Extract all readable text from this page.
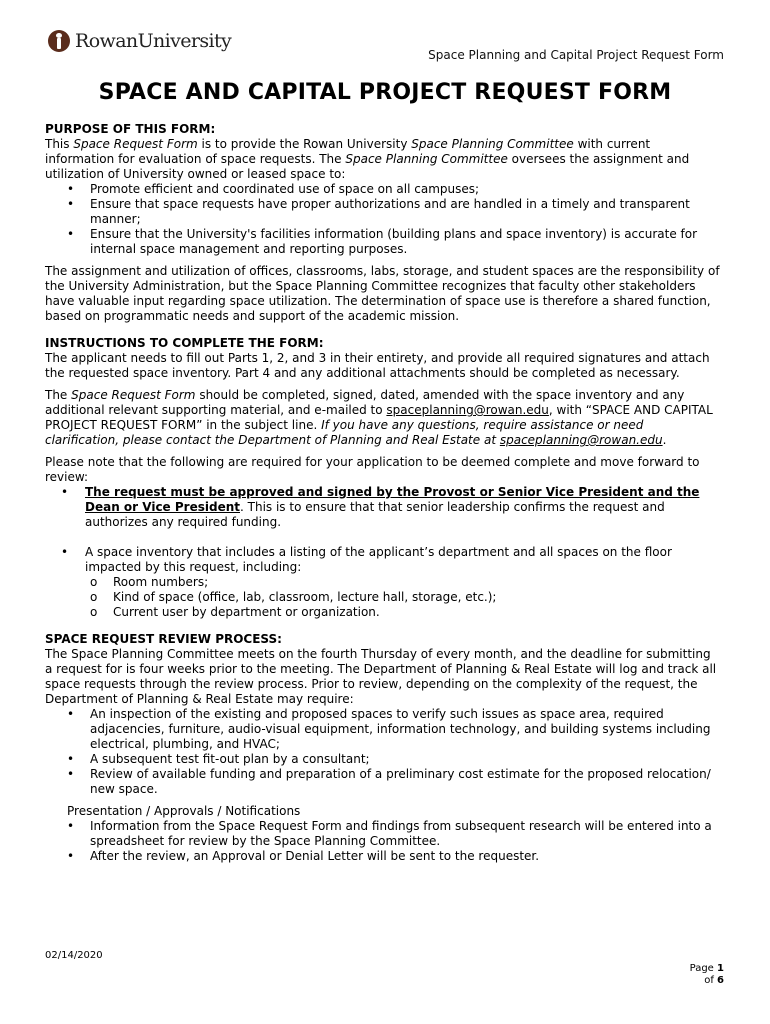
RowanUniversity
Space Planning and Capital Project Request Form
SPACE AND CAPITAL PROJECT REQUEST FORM

PURPOSE OF THIS FORM:

This Space Request Form is to provide the Rowan University Space Planning Committee with current information for evaluation of space requests. The Space Planning Committee oversees the assignment and utilization of University owned or leased space to:

• Promote efficient and coordinated use of space on all campuses;
• Ensure that space requests have proper authorizations and are handled in a timely and transparent manner;
• Ensure that the University's facilities information (building plans and space inventory) is accurate for internal space management and reporting purposes.

The assignment and utilization of offices, classrooms, labs, storage, and student spaces are the responsibility of the University Administration, but the Space Planning Committee recognizes that faculty other stakeholders have valuable input regarding space utilization. The determination of space use is therefore a shared function, based on programmatic needs and support of the academic mission.

INSTRUCTIONS TO COMPLETE THE FORM:

The applicant needs to fill out Parts 1, 2, and 3 in their entirety, and provide all required signatures and attach the requested space inventory. Part 4 and any additional attachments should be completed as necessary.

The Space Request Form should be completed, signed, dated, amended with the space inventory and any additional relevant supporting material, and e-mailed to spaceplanning@rowan.edu, with “SPACE AND CAPITAL PROJECT REQUEST FORM” in the subject line. If you have any questions, require assistance or need clarification, please contact the Department of Planning and Real Estate at spaceplanning@rowan.edu.

Please note that the following are required for your application to be deemed complete and move forward to review:

• The request must be approved and signed by the Provost or Senior Vice President and the Dean or Vice President. This is to ensure that that senior leadership confirms the request and authorizes any required funding.
• A space inventory that includes a listing of the applicant’s department and all spaces on the floor impacted by this request, including:
o Room numbers;
o Kind of space (office, lab, classroom, lecture hall, storage, etc.);
o Current user by department or organization.

SPACE REQUEST REVIEW PROCESS:

The Space Planning Committee meets on the fourth Thursday of every month, and the deadline for submitting a request for is four weeks prior to the meeting. The Department of Planning & Real Estate will log and track all space requests through the review process. Prior to review, depending on the complexity of the request, the Department of Planning & Real Estate may require:

• An inspection of the existing and proposed spaces to verify such issues as space area, required adjacencies, furniture, audio-visual equipment, information technology, and building systems including electrical, plumbing, and HVAC;
• A subsequent test fit-out plan by a consultant;
• Review of available funding and preparation of a preliminary cost estimate for the proposed relocation/ new space.

Presentation / Approvals / Notifications

• Information from the Space Request Form and findings from subsequent research will be entered into a spreadsheet for review by the Space Planning Committee.
• After the review, an Approval or Denial Letter will be sent to the requester.
02/14/2020
Page 1
of 6
